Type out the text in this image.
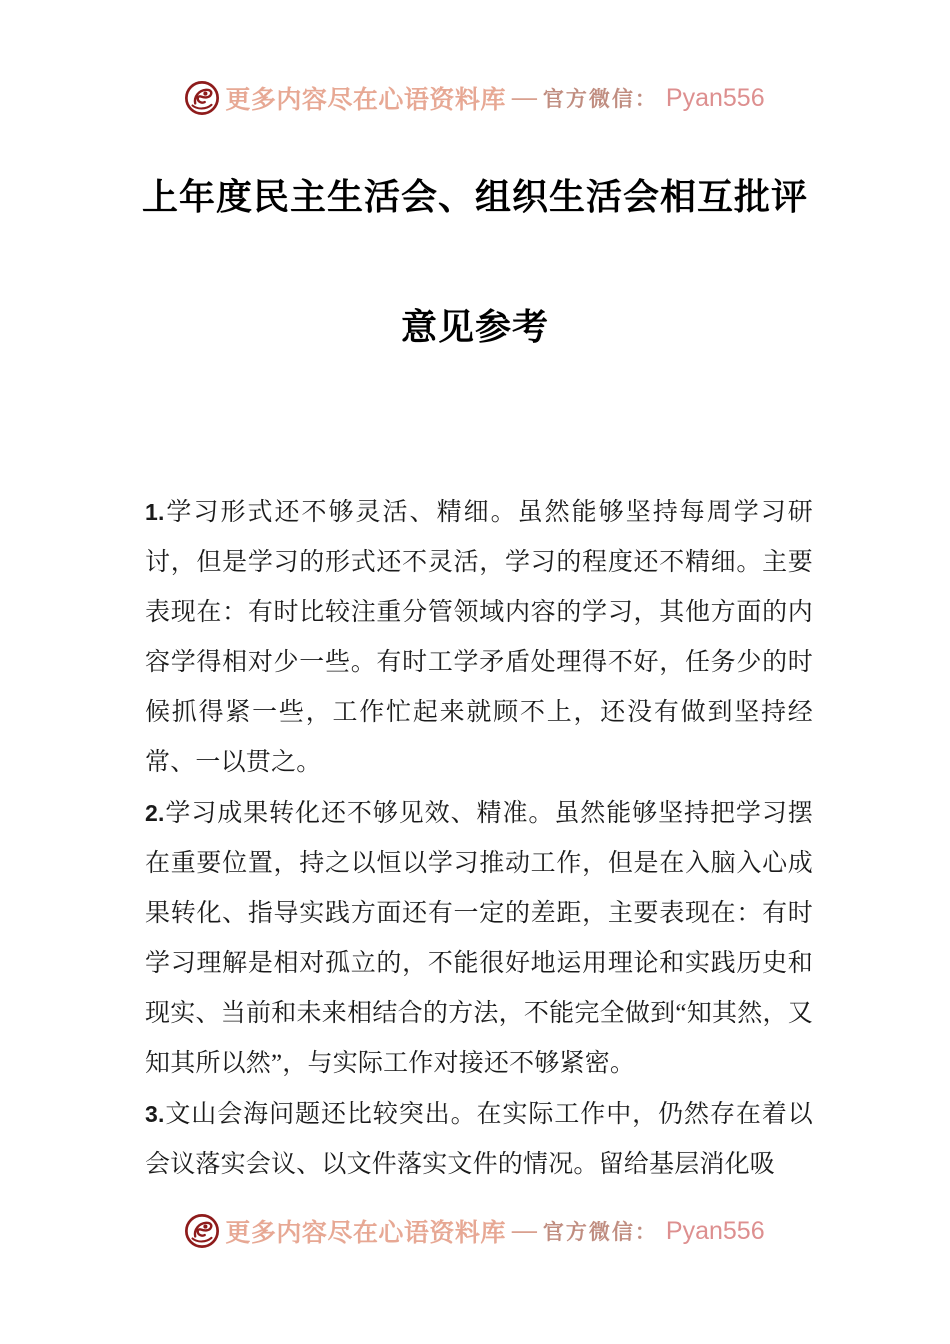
更多内容尽在心语资料库 — 官方微信： Pyan556
上年度民主生活会、组织生活会相互批评
意见参考

1.学习形式还不够灵活、精细。虽然能够坚持每周学习研讨，但是学习的形式还不灵活，学习的程度还不精细。主要表现在：有时比较注重分管领域内容的学习，其他方面的内容学得相对少一些。有时工学矛盾处理得不好，任务少的时候抓得紧一些，工作忙起来就顾不上，还没有做到坚持经常、一以贯之。

2.学习成果转化还不够见效、精准。虽然能够坚持把学习摆在重要位置，持之以恒以学习推动工作，但是在入脑入心成果转化、指导实践方面还有一定的差距，主要表现在：有时学习理解是相对孤立的，不能很好地运用理论和实践历史和现实、当前和未来相结合的方法，不能完全做到“知其然，又知其所以然”，与实际工作对接还不够紧密。

3.文山会海问题还比较突出。在实际工作中，仍然存在着以会议落实会议、以文件落实文件的情况。留给基层消化吸

更多内容尽在心语资料库 — 官方微信： Pyan556
